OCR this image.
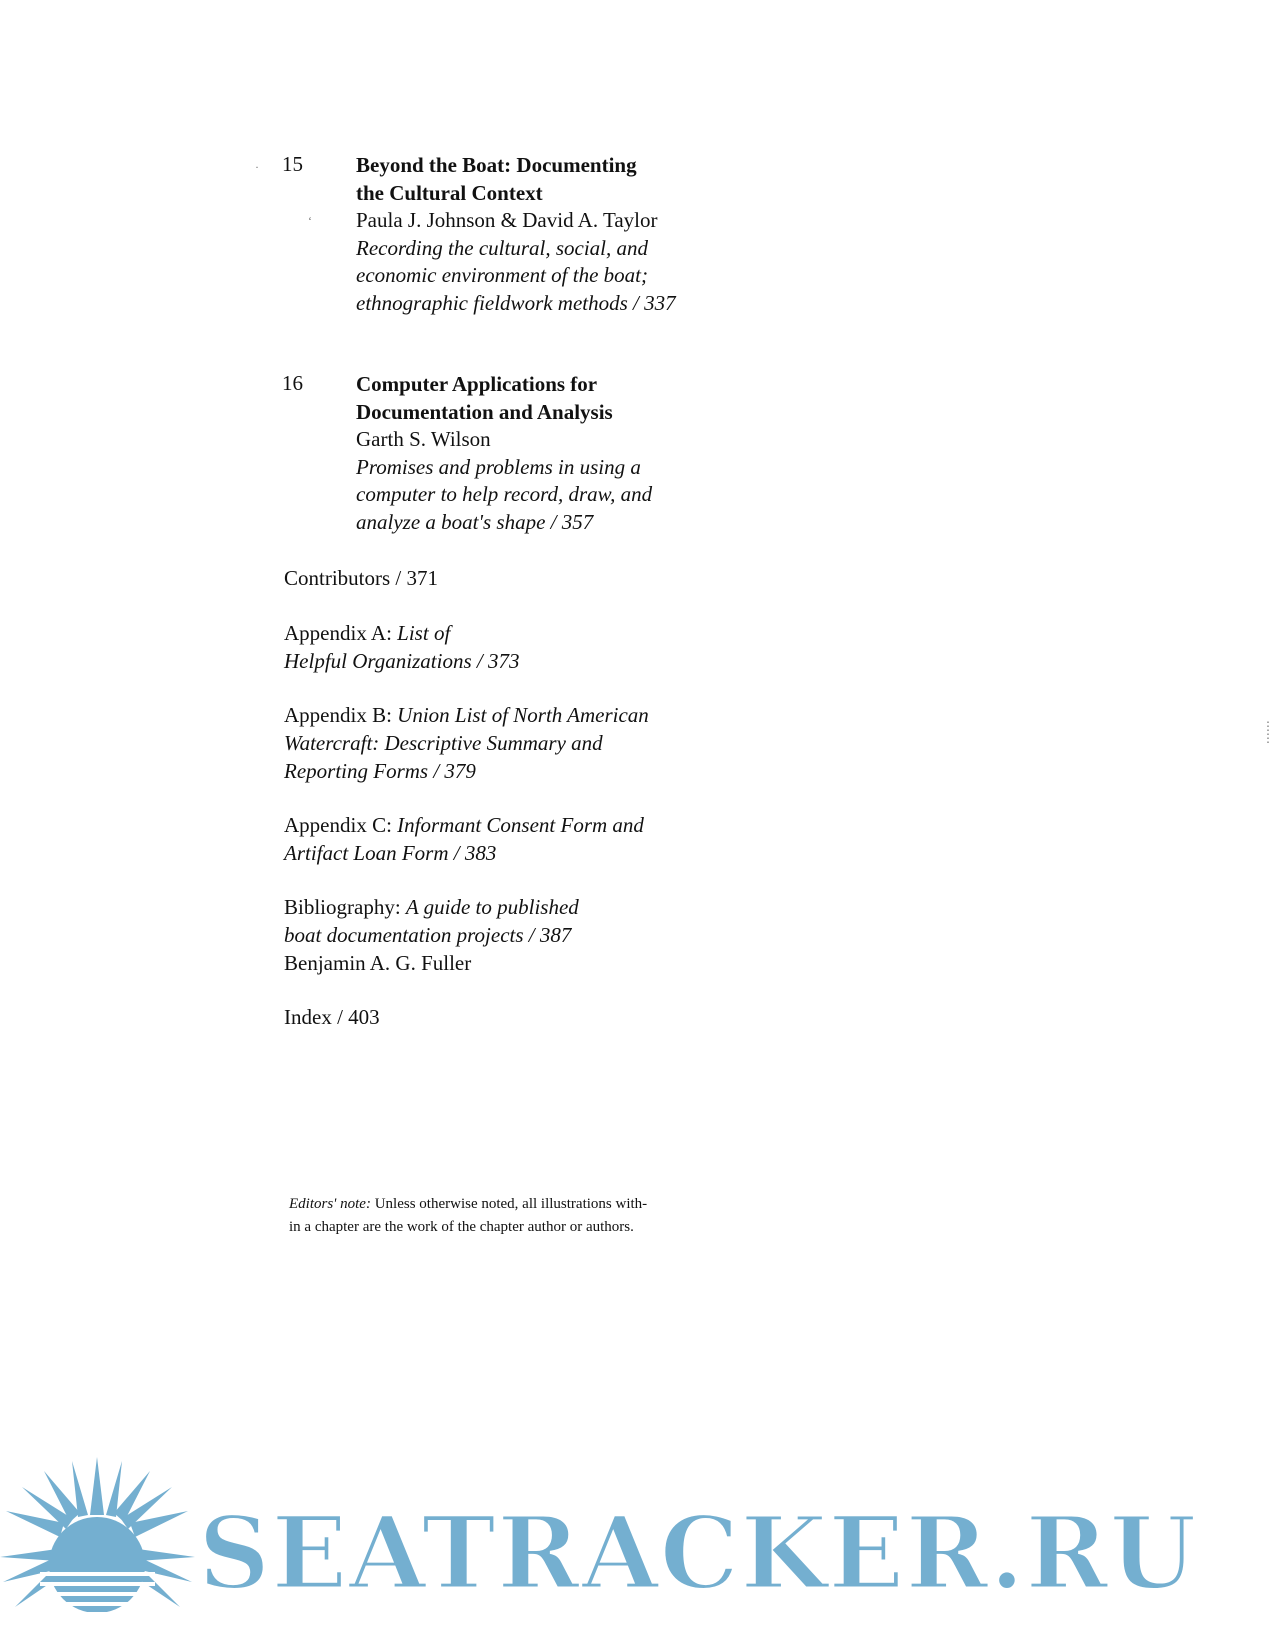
15	Beyond the Boat: Documenting
the Cultural Context
Paula J. Johnson & David A. Taylor
Recording the cultural, social, and
economic environment of the boat;
ethnographic fieldwork methods / 337
16	Computer Applications for
Documentation and Analysis
Garth S. Wilson
Promises and problems in using a
computer to help record, draw, and
analyze a boat's shape / 357
Contributors / 371
Appendix A: List of
Helpful Organizations / 373
Appendix B: Union List of North American
Watercraft: Descriptive Summary and
Reporting Forms / 379
Appendix C: Informant Consent Form and
Artifact Loan Form / 383
Bibliography: A guide to published
boat documentation projects / 387
Benjamin A. G. Fuller
Index / 403
Editors' note: Unless otherwise noted, all illustrations with-
in a chapter are the work of the chapter author or authors.
·
‘
⋮
⋮
SEATRACKER.RU
